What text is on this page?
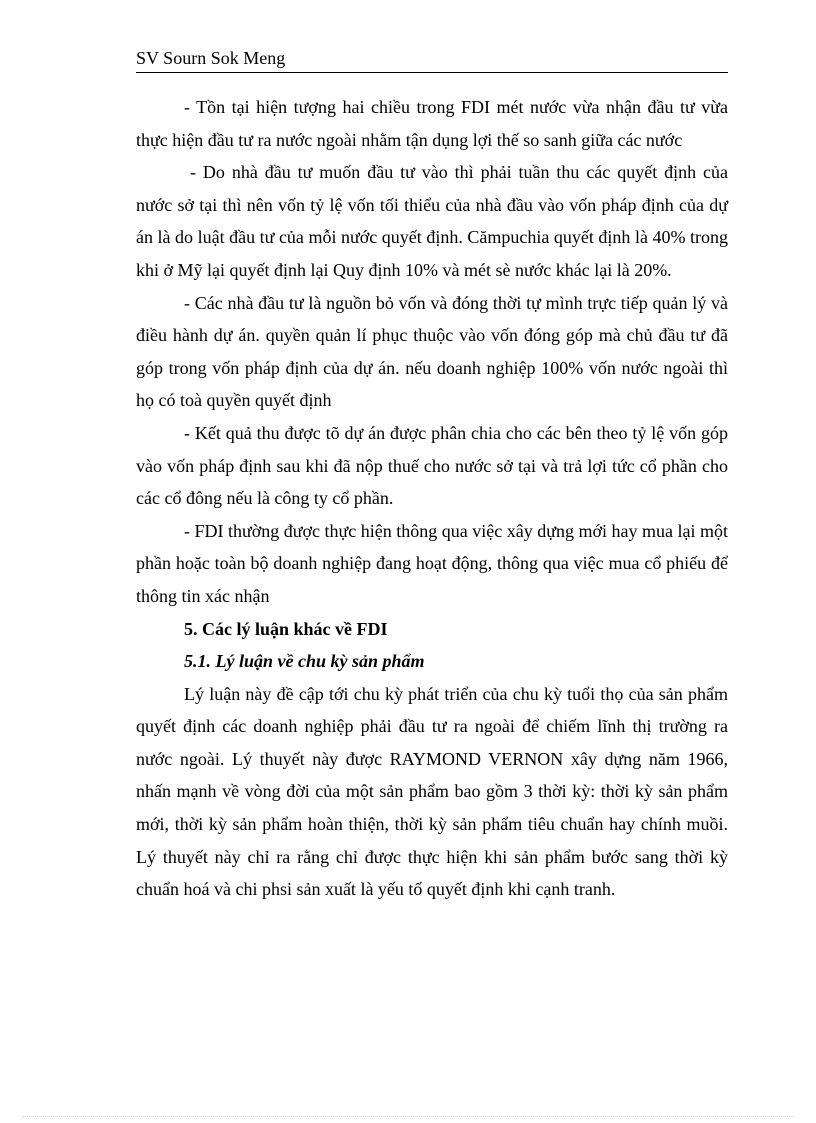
SV Sourn Sok Meng

- Tồn tại hiện tượng hai chiều trong FDI mét nước vừa nhận đầu tư vừa thực hiện đầu tư ra nước ngoài nhằm tận dụng lợi thế so sanh giữa các nước

- Do nhà đầu tư muốn đầu tư vào thì phải tuần thu các quyết định của nước sở tại thì nên vốn tỷ lệ vốn tối thiểu của nhà đầu vào vốn pháp định của dự án là do luật đầu tư của mỗi nước quyết định. Cămpuchia quyết định là 40% trong khi ở Mỹ lại quyết định lại Quy định 10% và mét sè nước khác lại là 20%.

- Các nhà đầu tư là nguồn bỏ vốn và đóng thời tự mình trực tiếp quản lý và điều hành dự án. quyền quản lí phục thuộc vào vốn đóng góp mà chủ đầu tư đã góp trong vốn pháp định của dự án. nếu doanh nghiệp 100% vốn nước ngoài thì họ có toà quyền quyết định

- Kết quả thu được tõ dự án được phân chia cho các bên theo tỷ lệ vốn góp vào vốn pháp định sau khi đã nộp thuế cho nước sở tại và trả lợi tức cổ phần cho các cổ đông nếu là công ty cổ phần.

- FDI thường được thực hiện thông qua việc xây dựng mới hay mua lại một phần hoặc toàn bộ doanh nghiệp đang hoạt động, thông qua việc mua cổ phiếu để thông tin xác nhận

5. Các lý luận khác về FDI

5.1. Lý luận về chu kỳ sản phẩm

Lý luận này đề cập tới chu kỳ phát triển của chu kỳ tuổi thọ của sản phẩm quyết định các doanh nghiệp phải đầu tư ra ngoài để chiếm lĩnh thị trường ra nước ngoài. Lý thuyết này được RAYMOND VERNON xây dựng năm 1966, nhấn mạnh về vòng đời của một sản phẩm bao gồm 3 thời kỳ: thời kỳ sản phẩm mới, thời kỳ sản phẩm hoàn thiện, thời kỳ sản phẩm tiêu chuẩn hay chính muồi. Lý thuyết này chỉ ra rằng chỉ được thực hiện khi sản phẩm bước sang thời kỳ chuẩn hoá và chi phsi sản xuất là yếu tố quyết định khi cạnh tranh.
